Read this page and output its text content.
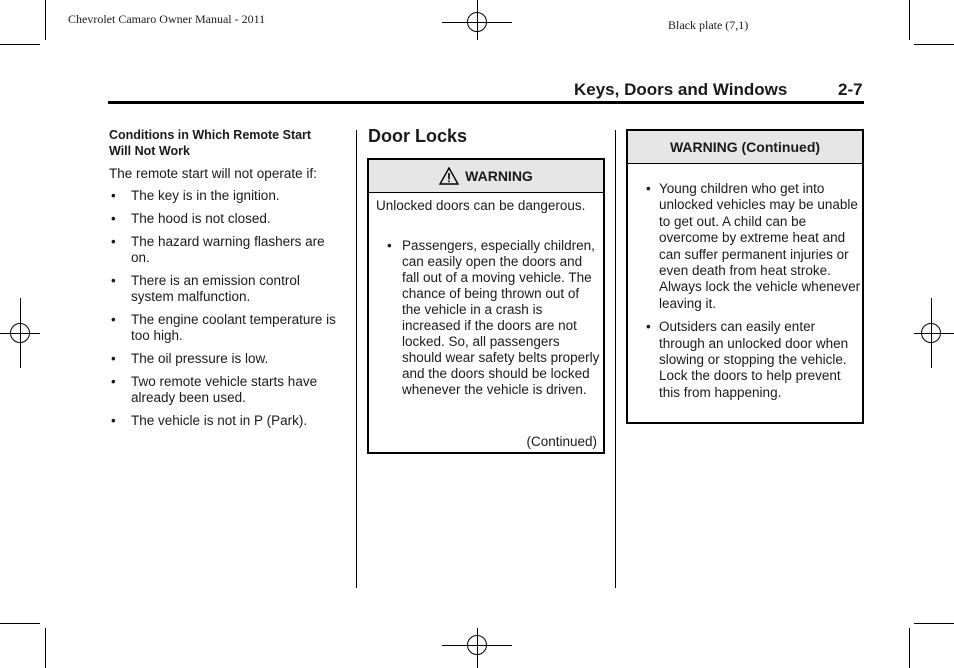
Chevrolet Camaro Owner Manual - 2011	Black plate (7,1)
Keys, Doors and Windows	2-7
Conditions in Which Remote Start
Will Not Work
The remote start will not operate if:
• The key is in the ignition.
• The hood is not closed.
• The hazard warning flashers are on.
• There is an emission control system malfunction.
• The engine coolant temperature is too high.
• The oil pressure is low.
• Two remote vehicle starts have already been used.
• The vehicle is not in P (Park).
Door Locks
WARNING
Unlocked doors can be dangerous.
• Passengers, especially children, can easily open the doors and fall out of a moving vehicle. The chance of being thrown out of the vehicle in a crash is increased if the doors are not locked. So, all passengers should wear safety belts properly and the doors should be locked whenever the vehicle is driven.
(Continued)
WARNING (Continued)
• Young children who get into unlocked vehicles may be unable to get out. A child can be overcome by extreme heat and can suffer permanent injuries or even death from heat stroke. Always lock the vehicle whenever leaving it.
• Outsiders can easily enter through an unlocked door when slowing or stopping the vehicle. Lock the doors to help prevent this from happening.
